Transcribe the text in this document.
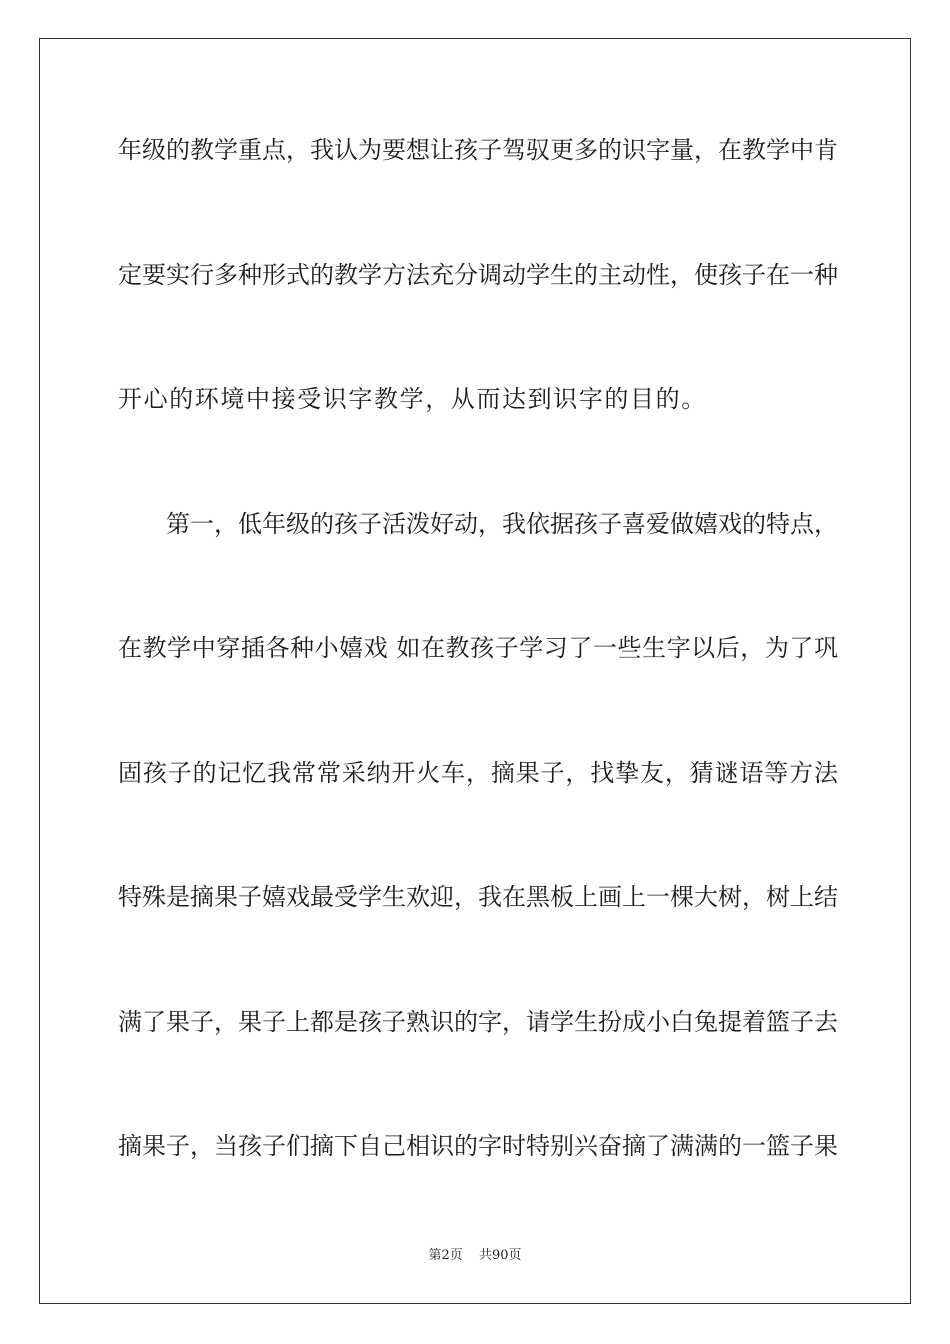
年级的教学重点，我认为要想让孩子驾驭更多的识字量，在教学中肯
定要实行多种形式的教学方法充分调动学生的主动性，使孩子在一种
开心的环境中接受识字教学，从而达到识字的目的。
　　第一，低年级的孩子活泼好动，我依据孩子喜爱做嬉戏的特点，
在教学中穿插各种小嬉戏 如在教孩子学习了一些生字以后，为了巩
固孩子的记忆我常常采纳开火车，摘果子，找挚友，猜谜语等方法
特殊是摘果子嬉戏最受学生欢迎，我在黑板上画上一棵大树，树上结
满了果子，果子上都是孩子熟识的字，请学生扮成小白兔提着篮子去
摘果子，当孩子们摘下自己相识的字时特别兴奋摘了满满的一篮子果
第2页 共90页
